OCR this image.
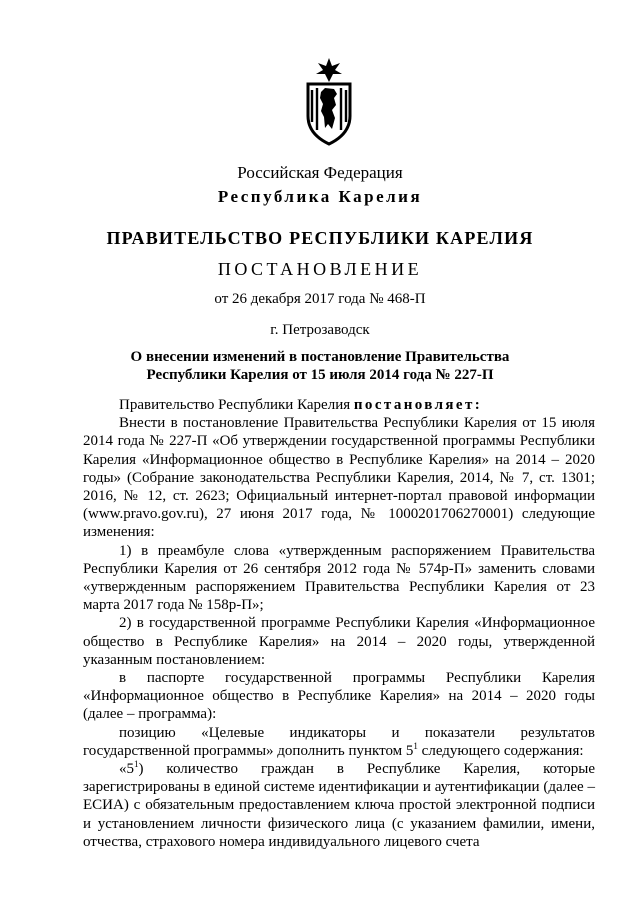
Российская Федерация
Республика Карелия
ПРАВИТЕЛЬСТВО РЕСПУБЛИКИ КАРЕЛИЯ
ПОСТАНОВЛЕНИЕ
от 26 декабря 2017 года № 468-П
г. Петрозаводск
О внесении изменений в постановление Правительства
Республики Карелия от 15 июля 2014 года № 227-П

Правительство Республики Карелия постановляет:

Внести в постановление Правительства Республики Карелия от 15 июля 2014 года № 227-П «Об утверждении государственной программы Республики Карелия «Информационное общество в Республике Карелия» на 2014 – 2020 годы» (Собрание законодательства Республики Карелия, 2014, № 7, ст. 1301; 2016, № 12, ст. 2623; Официальный интернет-портал правовой информации (www.pravo.gov.ru), 27 июня 2017 года, № 1000201706270001) следующие изменения:

1) в преамбуле слова «утвержденным распоряжением Правительства Республики Карелия от 26 сентября 2012 года № 574р-П» заменить словами «утвержденным распоряжением Правительства Республики Карелия от 23 марта 2017 года № 158р-П»;

2) в государственной программе Республики Карелия «Информационное общество в Республике Карелия» на 2014 – 2020 годы, утвержденной указанным постановлением:

в паспорте государственной программы Республики Карелия «Информационное общество в Республике Карелия» на 2014 – 2020 годы (далее – программа):

позицию «Целевые индикаторы и показатели результатов государственной программы» дополнить пунктом $5^1$ следующего содержания:

«$5^1$) количество граждан в Республике Карелия, которые зарегистрированы в единой системе идентификации и аутентификации (далее – ЕСИА) с обязательным предоставлением ключа простой электронной подписи и установлением личности физического лица (с указанием фамилии, имени, отчества, страхового номера индивидуального лицевого счета
